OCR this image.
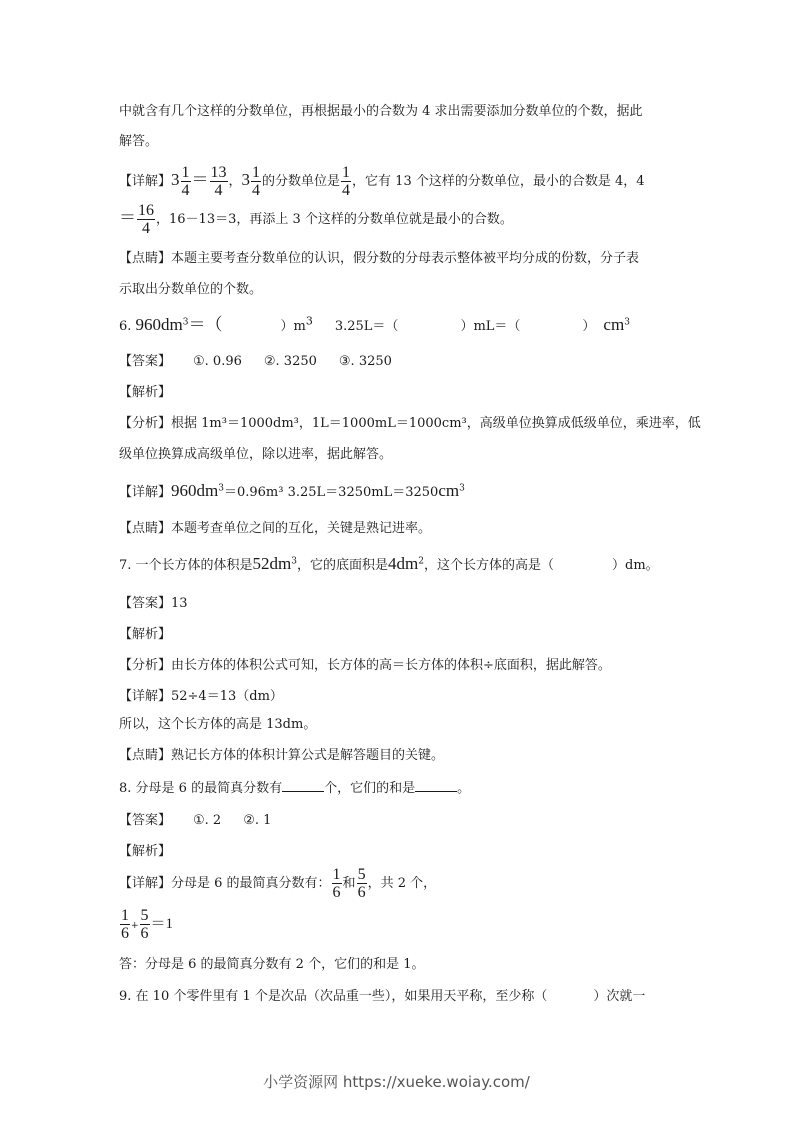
中就含有几个这样的分数单位，再根据最小的合数为 4 求出需要添加分数单位的个数，据此
解答。
【详解】$3 \frac{1}{4} = \frac{13}{4}$ ，$3 \frac{1}{4}$ 的分数单位是 $\frac{1}{4}$ ，它有 13 个这样的分数单位，最小的合数是 4，4
＝ $\frac{16}{4}$ ，16－13＝3，再添上 3 个这样的分数单位就是最小的合数。
【点睛】本题主要考查分数单位的认识，假分数的分母表示整体被平均分成的份数，分子表
示取出分数单位的个数。
6. $960dm^3=$（	）$m^3$ 3.25L＝（	）mL＝（	） $cm^3$
【答案】 ①. 0.96 ②. 3250 ③. 3250
【解析】
【分析】根据 1m³＝1000dm³，1L＝1000mL＝1000cm³，高级单位换算成低级单位，乘进率，低
级单位换算成高级单位，除以进率，据此解答。
【详解】$960dm^3=0.96m^3$ $3.25L=3250mL=3250cm^3$
【点睛】本题考查单位之间的互化，关键是熟记进率。
7. 一个长方体的体积是$52dm^3$，它的底面积是$4dm^2$，这个长方体的高是（	）dm。
【答案】13
【解析】
【分析】由长方体的体积公式可知，长方体的高＝长方体的体积÷底面积，据此解答。
【详解】52÷4＝13（dm）
所以，这个长方体的高是 13dm。
【点睛】熟记长方体的体积计算公式是解答题目的关键。
8. 分母是 6 的最简真分数有	个，它们的和是	。
【答案】 ①. 2 ②. 1
【解析】
【详解】分母是 6 的最简真分数有： $\frac{1}{6}$ 和 $\frac{5}{6}$ ，共 2 个，
$\frac{1}{6} + \frac{5}{6} =1$
答：分母是 6 的最简真分数有 2 个，它们的和是 1。
9. 在 10 个零件里有 1 个是次品（次品重一些），如果用天平称，至少称（	）次就一
小学资源网 https://xueke.woiay.com/
